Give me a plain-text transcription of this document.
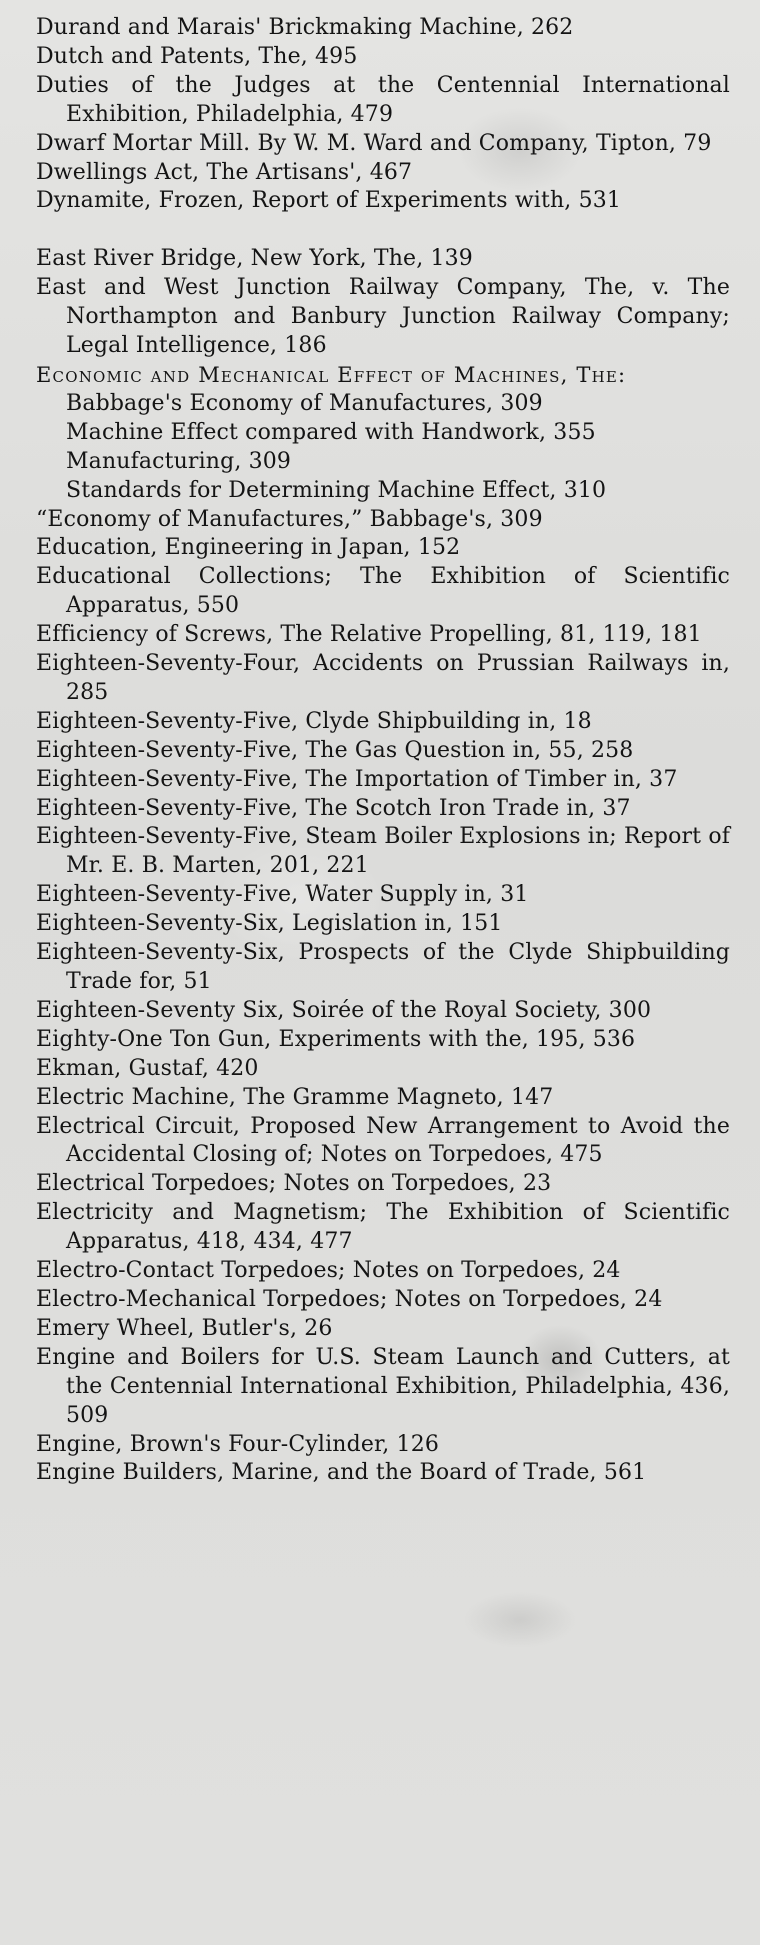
Durand and Marais' Brickmaking Machine, 262
Dutch and Patents, The, 495
Duties of the Judges at the Centennial International Exhibition, Philadelphia, 479
Dwarf Mortar Mill. By W. M. Ward and Company, Tipton, 79
Dwellings Act, The Artisans', 467
Dynamite, Frozen, Report of Experiments with, 531
East River Bridge, New York, The, 139
East and West Junction Railway Company, The, v. The Northampton and Banbury Junction Railway Company; Legal Intelligence, 186
Economic and Mechanical Effect of Machines, The:
Babbage's Economy of Manufactures, 309
Machine Effect compared with Handwork, 355
Manufacturing, 309
Standards for Determining Machine Effect, 310
“Economy of Manufactures,” Babbage's, 309
Education, Engineering in Japan, 152
Educational Collections; The Exhibition of Scientific Apparatus, 550
Efficiency of Screws, The Relative Propelling, 81, 119, 181
Eighteen-Seventy-Four, Accidents on Prussian Railways in, 285
Eighteen-Seventy-Five, Clyde Shipbuilding in, 18
Eighteen-Seventy-Five, The Gas Question in, 55, 258
Eighteen-Seventy-Five, The Importation of Timber in, 37
Eighteen-Seventy-Five, The Scotch Iron Trade in, 37
Eighteen-Seventy-Five, Steam Boiler Explosions in; Report of Mr. E. B. Marten, 201, 221
Eighteen-Seventy-Five, Water Supply in, 31
Eighteen-Seventy-Six, Legislation in, 151
Eighteen-Seventy-Six, Prospects of the Clyde Shipbuilding Trade for, 51
Eighteen-Seventy Six, Soirée of the Royal Society, 300
Eighty-One Ton Gun, Experiments with the, 195, 536
Ekman, Gustaf, 420
Electric Machine, The Gramme Magneto, 147
Electrical Circuit, Proposed New Arrangement to Avoid the Accidental Closing of; Notes on Torpedoes, 475
Electrical Torpedoes; Notes on Torpedoes, 23
Electricity and Magnetism; The Exhibition of Scientific Apparatus, 418, 434, 477
Electro-Contact Torpedoes; Notes on Torpedoes, 24
Electro-Mechanical Torpedoes; Notes on Torpedoes, 24
Emery Wheel, Butler's, 26
Engine and Boilers for U.S. Steam Launch and Cutters, at the Centennial International Exhibition, Philadelphia, 436, 509
Engine, Brown's Four-Cylinder, 126
Engine Builders, Marine, and the Board of Trade, 561
